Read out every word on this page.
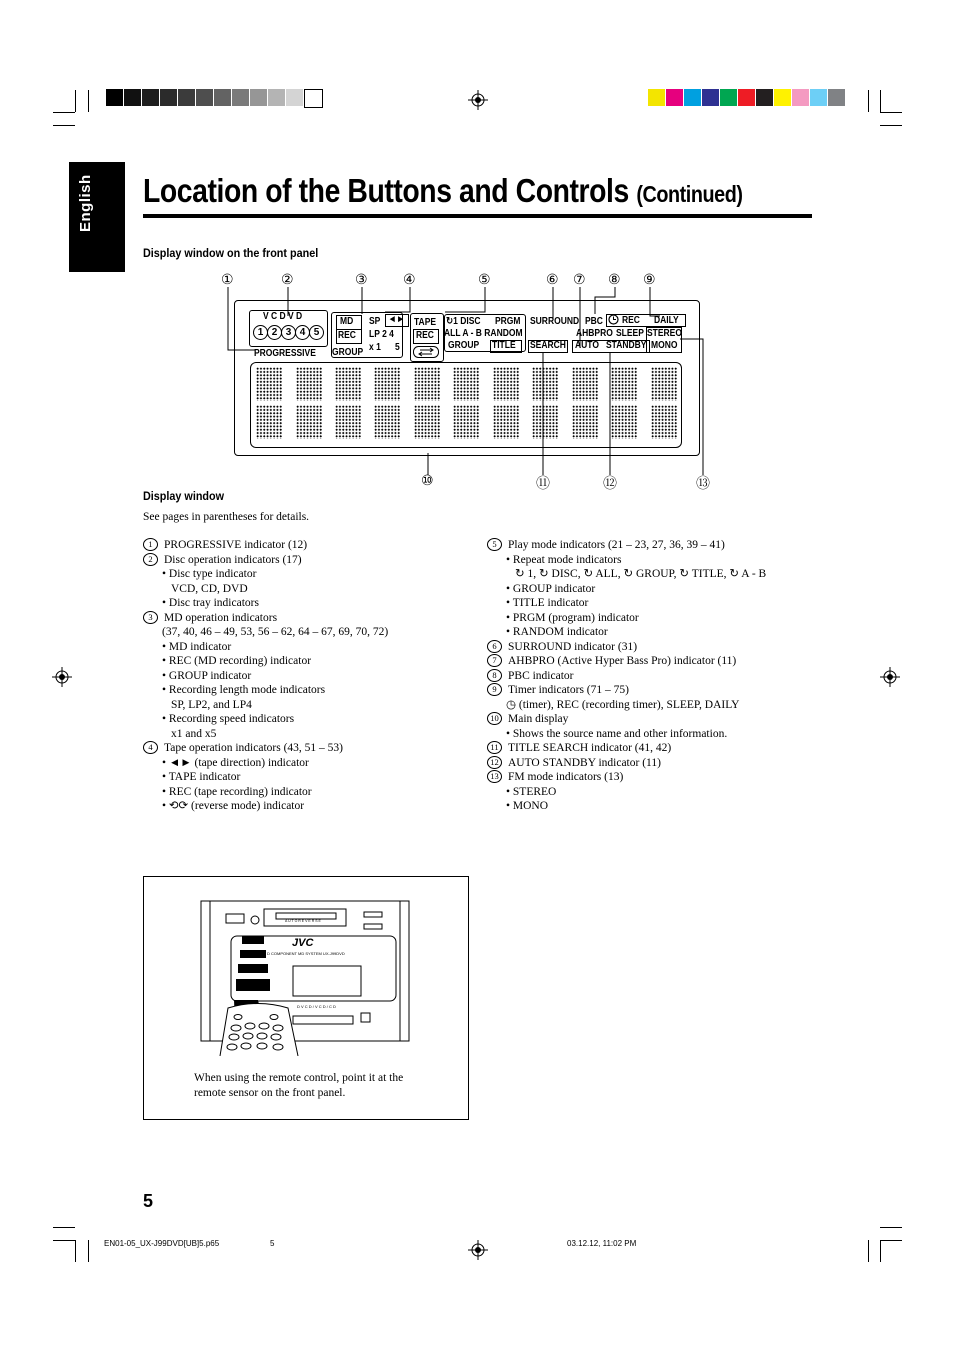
English Location of the Buttons and Controls (Continued)
Display window on the front panel
①	②	③	④	⑤	⑥ ⑦ ⑧ ⑨
⑩	⑪	⑫	⑬
V C D V D
1 2 3 4 5
PROGRESSIVE
MD
REC
GROUP
SP
LP 2 4
x 1 5
◄► TAPE
REC
↻1 DISC PRGM
ALL A - B RANDOM
GROUP TITLE
SURROUND
SEARCH
PBC
AHBPRO
AUTO STANDBY
REC DAILY
SLEEP STEREO
MONO
Display window
See pages in parentheses for details.
1 PROGRESSIVE indicator (12)
2 Disc operation indicators (17)
• Disc type indicator
VCD, CD, DVD
• Disc tray indicators
3 MD operation indicators
(37, 40, 46 – 49, 53, 56 – 62, 64 – 67, 69, 70, 72)
• MD indicator
• REC (MD recording) indicator
• GROUP indicator
• Recording length mode indicators
SP, LP2, and LP4
• Recording speed indicators
x1 and x5
4 Tape operation indicators (43, 51 – 53)
• ◄► (tape direction) indicator
• TAPE indicator
• REC (tape recording) indicator
• ⟲⟳ (reverse mode) indicator
5 Play mode indicators (21 – 23, 27, 36, 39 – 41)
• Repeat mode indicators
↻ 1, ↻ DISC, ↻ ALL, ↻ GROUP, ↻ TITLE, ↻ A - B
• GROUP indicator
• TITLE indicator
• PRGM (program) indicator
• RANDOM indicator
6 SURROUND indicator (31)
7 AHBPRO (Active Hyper Bass Pro) indicator (11)
8 PBC indicator
9 Timer indicators (71 – 75)
◷ (timer), REC (recording timer), SLEEP, DAILY
10 Main display
• Shows the source name and other information.
11 TITLE SEARCH indicator (41, 42)
12 AUTO STANDBY indicator (11)
13 FM mode indicators (13)
• STEREO
• MONO
JVC
D COMPONENT MD SYSTEM UX-J99DVD
A U T O R E V E R S E
D V C D / V C D / C D
When using the remote control, point it at the remote sensor on the front panel.
5
EN01-05_UX-J99DVD[UB]5.p65	5	03.12.12, 11:02 PM
